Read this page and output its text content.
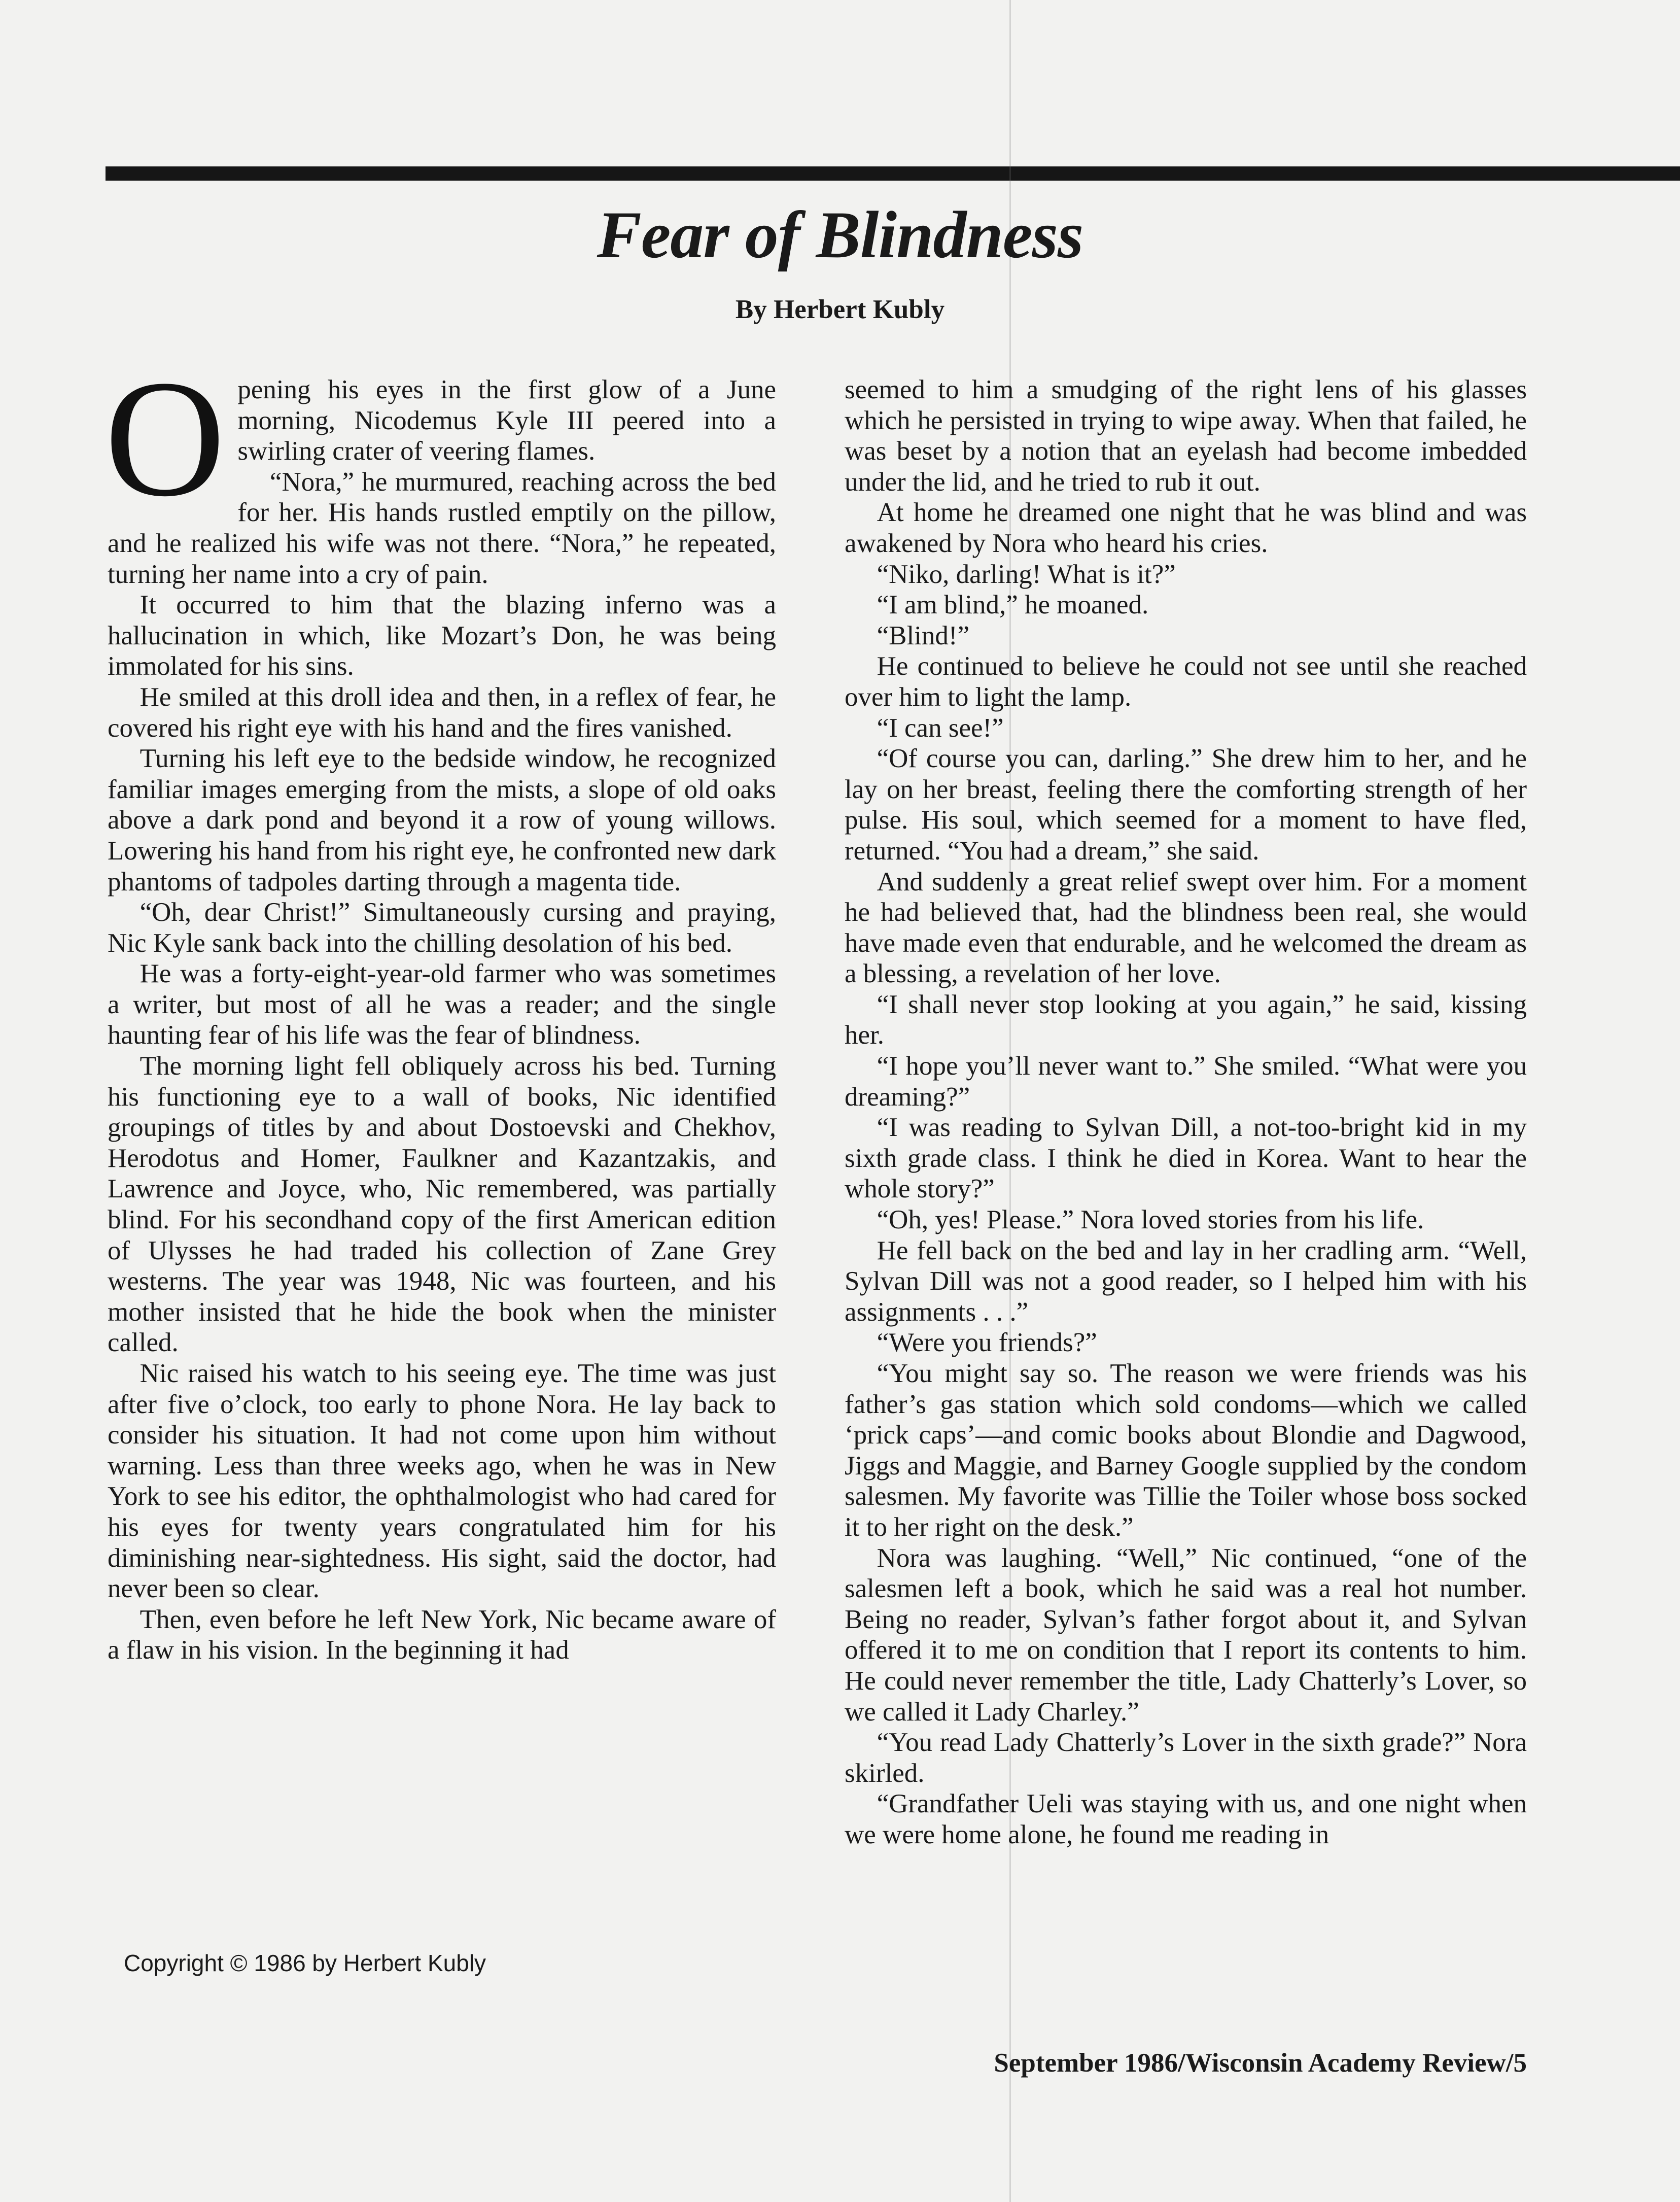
Fear of Blindness
By Herbert Kubly

Opening his eyes in the first glow of a June morning, Nicodemus Kyle III peered into a swirling crater of veering flames.

“Nora,” he murmured, reaching across the bed for her. His hands rustled emptily on the pillow, and he realized his wife was not there. “Nora,” he repeated, turning her name into a cry of pain.

It occurred to him that the blazing inferno was a hallucination in which, like Mozart’s Don, he was being immolated for his sins.

He smiled at this droll idea and then, in a reflex of fear, he covered his right eye with his hand and the fires vanished.

Turning his left eye to the bedside window, he recognized familiar images emerging from the mists, a slope of old oaks above a dark pond and beyond it a row of young willows. Lowering his hand from his right eye, he confronted new dark phantoms of tadpoles darting through a magenta tide.

“Oh, dear Christ!” Simultaneously cursing and praying, Nic Kyle sank back into the chilling desolation of his bed.

He was a forty-eight-year-old farmer who was sometimes a writer, but most of all he was a reader; and the single haunting fear of his life was the fear of blindness.

The morning light fell obliquely across his bed. Turning his functioning eye to a wall of books, Nic identified groupings of titles by and about Dostoevski and Chekhov, Herodotus and Homer, Faulkner and Kazantzakis, and Lawrence and Joyce, who, Nic remembered, was partially blind. For his secondhand copy of the first American edition of Ulysses he had traded his collection of Zane Grey westerns. The year was 1948, Nic was fourteen, and his mother insisted that he hide the book when the minister called.

Nic raised his watch to his seeing eye. The time was just after five o’clock, too early to phone Nora. He lay back to consider his situation. It had not come upon him without warning. Less than three weeks ago, when he was in New York to see his editor, the ophthalmologist who had cared for his eyes for twenty years congratulated him for his diminishing near-sightedness. His sight, said the doctor, had never been so clear.

Then, even before he left New York, Nic became aware of a flaw in his vision. In the beginning it had

seemed to him a smudging of the right lens of his glasses which he persisted in trying to wipe away. When that failed, he was beset by a notion that an eyelash had become imbedded under the lid, and he tried to rub it out.

At home he dreamed one night that he was blind and was awakened by Nora who heard his cries.

“Niko, darling! What is it?”

“I am blind,” he moaned.

“Blind!”

He continued to believe he could not see until she reached over him to light the lamp.

“I can see!”

“Of course you can, darling.” She drew him to her, and he lay on her breast, feeling there the comforting strength of her pulse. His soul, which seemed for a moment to have fled, returned. “You had a dream,” she said.

And suddenly a great relief swept over him. For a moment he had believed that, had the blindness been real, she would have made even that endurable, and he welcomed the dream as a blessing, a revelation of her love.

“I shall never stop looking at you again,” he said, kissing her.

“I hope you’ll never want to.” She smiled. “What were you dreaming?”

“I was reading to Sylvan Dill, a not-too-bright kid in my sixth grade class. I think he died in Korea. Want to hear the whole story?”

“Oh, yes! Please.” Nora loved stories from his life.

He fell back on the bed and lay in her cradling arm. “Well, Sylvan Dill was not a good reader, so I helped him with his assignments . . .”

“Were you friends?”

“You might say so. The reason we were friends was his father’s gas station which sold condoms—which we called ‘prick caps’—and comic books about Blondie and Dagwood, Jiggs and Maggie, and Barney Google supplied by the condom salesmen. My favorite was Tillie the Toiler whose boss socked it to her right on the desk.”

Nora was laughing. “Well,” Nic continued, “one of the salesmen left a book, which he said was a real hot number. Being no reader, Sylvan’s father forgot about it, and Sylvan offered it to me on condition that I report its contents to him. He could never remember the title, Lady Chatterly’s Lover, so we called it Lady Charley.”

“You read Lady Chatterly’s Lover in the sixth grade?” Nora skirled.

“Grandfather Ueli was staying with us, and one night when we were home alone, he found me reading in

Copyright © 1986 by Herbert Kubly
September 1986/Wisconsin Academy Review/5
